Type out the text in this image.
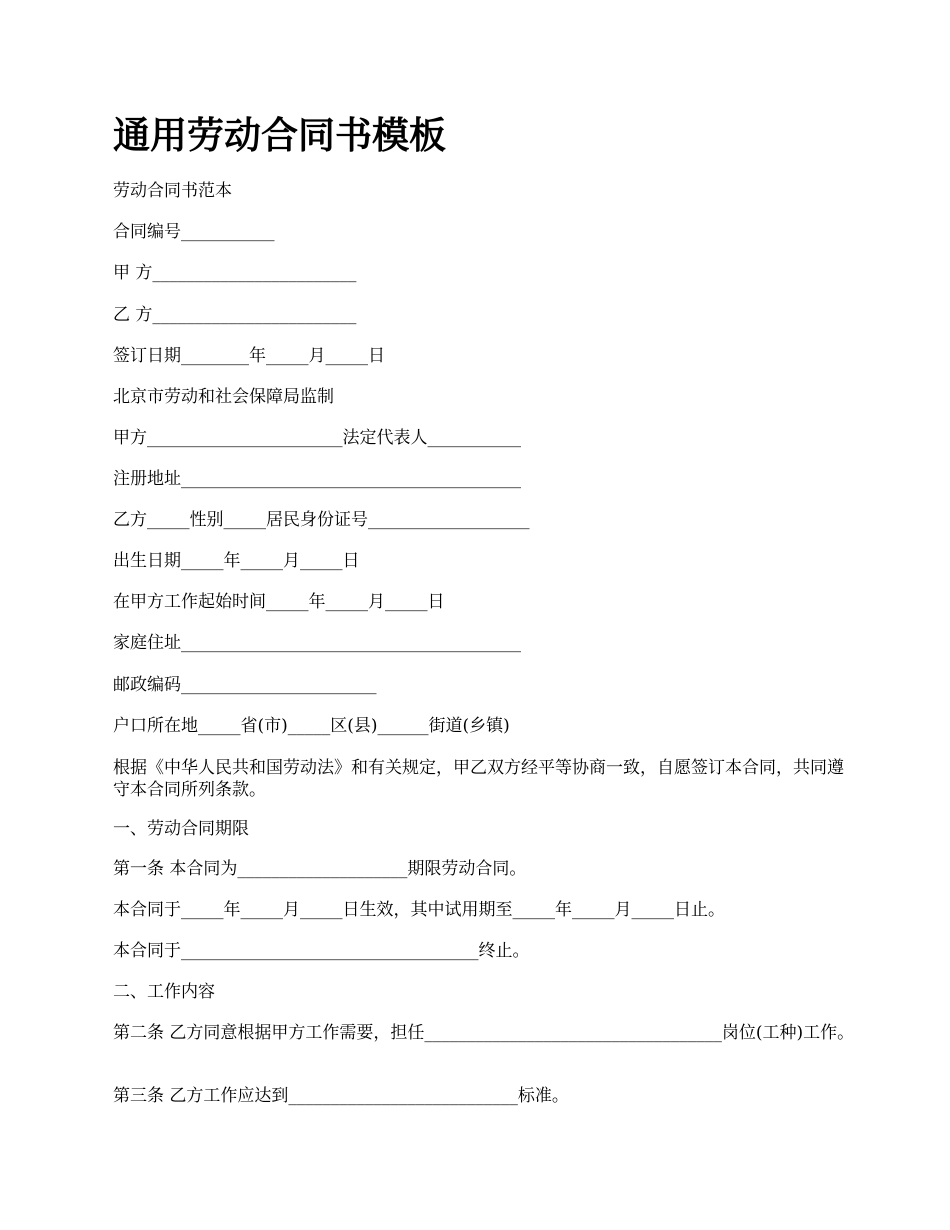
通用劳动合同书模板

劳动合同书范本

合同编号___________

甲 方________________________

乙 方________________________

签订日期________年_____月_____日

北京市劳动和社会保障局监制

甲方_______________________法定代表人___________

注册地址________________________________________

乙方_____性别_____居民身份证号___________________

出生日期_____年_____月_____日

在甲方工作起始时间_____年_____月_____日

家庭住址________________________________________

邮政编码_______________________

户口所在地_____省(市)_____区(县)______街道(乡镇)

根据《中华人民共和国劳动法》和有关规定，甲乙双方经平等协商一致，自愿签订本合同，共同遵守本合同所列条款。

一、劳动合同期限

第一条 本合同为____________________期限劳动合同。

本合同于_____年_____月_____日生效，其中试用期至_____年_____月_____日止。

本合同于___________________________________终止。

二、工作内容

第二条 乙方同意根据甲方工作需要，担任___________________________________岗位(工种)工作。

第三条 乙方工作应达到___________________________标准。
